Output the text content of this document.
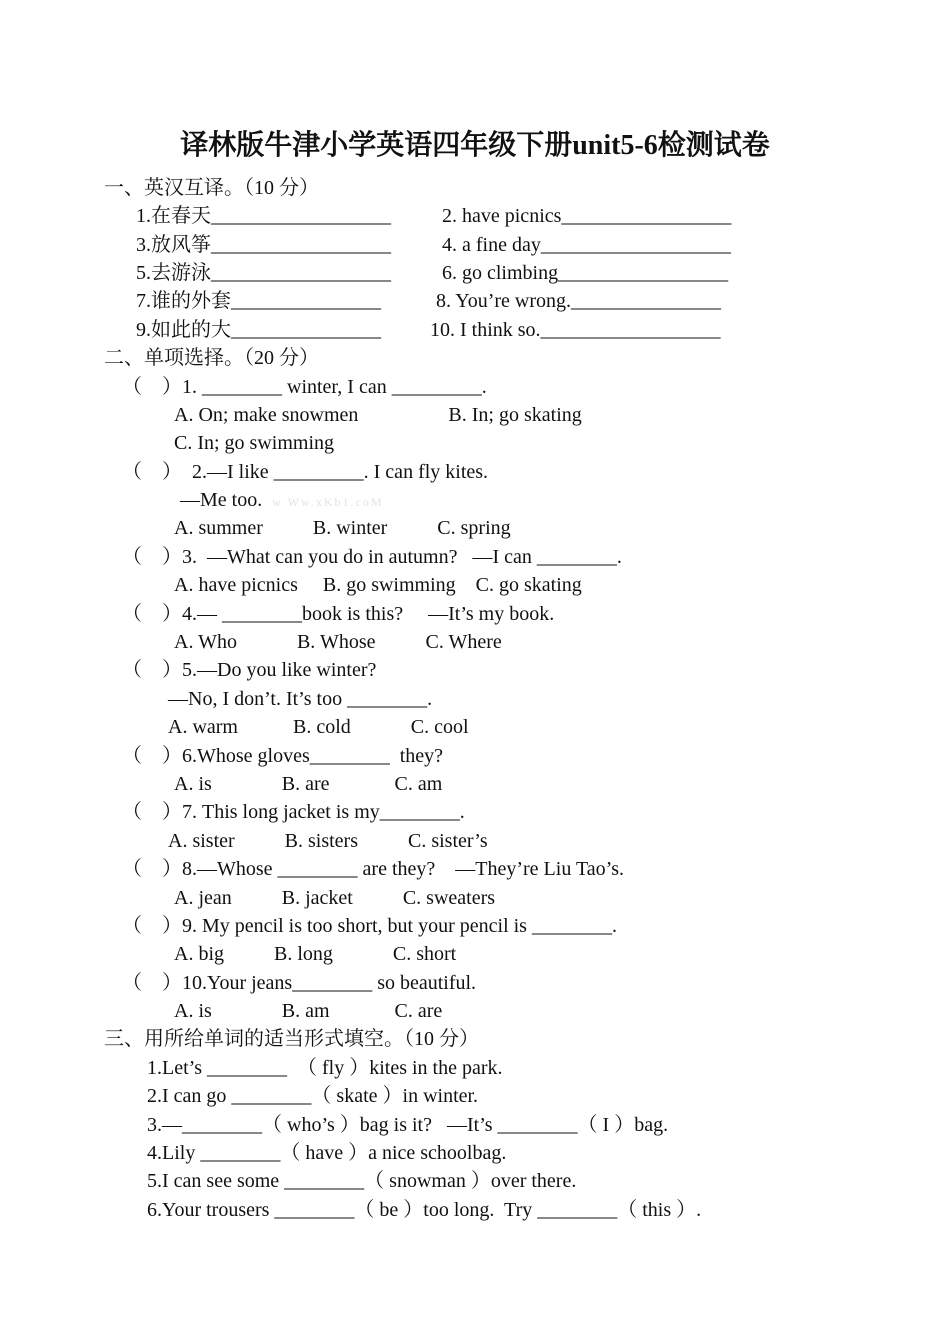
译林版牛津小学英语四年级下册unit5-6检测试卷
一、英汉互译。（10 分）
1.在春天__________________	2. have picnics_________________
3.放风筝__________________	4. a fine day___________________
5.去游泳__________________	6. go climbing_________________
7.谁的外套_______________	8. You’re wrong._______________
9.如此的大_______________ 10. I think so.__________________
二、单项选择。（20 分）
（    ）1. ________ winter, I can _________.
A. On; make snowmen                  B. In; go skating
C. In; go swimming
（    ）  2.—I like _________. I can fly kites.
—Me too. w Ww.xKb1.coM
A. summer          B. winter          C. spring
（    ）3.  —What can you do in autumn?   —I can ________.
A. have picnics     B. go swimming    C. go skating
（    ）4.— ________book is this?     —It’s my book.
A. Who            B. Whose          C. Where
（    ）5.—Do you like winter?
—No, I don’t. It’s too ________.
A. warm           B. cold            C. cool
（    ）6.Whose gloves________  they?
A. is              B. are             C. am
（    ）7. This long jacket is my________.
A. sister          B. sisters          C. sister’s
（    ）8.—Whose ________ are they?    —They’re Liu Tao’s.
A. jean          B. jacket          C. sweaters
（    ）9. My pencil is too short, but your pencil is ________.
A. big          B. long            C. short
（    ）10.Your jeans________ so beautiful.
A. is              B. am             C. are
三、用所给单词的适当形式填空。（10 分）
1.Let’s ________  （ fly ）kites in the park.
2.I can go ________（ skate ）in winter.
3.—________（ who’s ）bag is it?   —It’s ________（ I ）bag.
4.Lily ________（ have ）a nice schoolbag.
5.I can see some ________（ snowman ）over there.
6.Your trousers ________（ be ）too long.  Try ________（ this ）.
